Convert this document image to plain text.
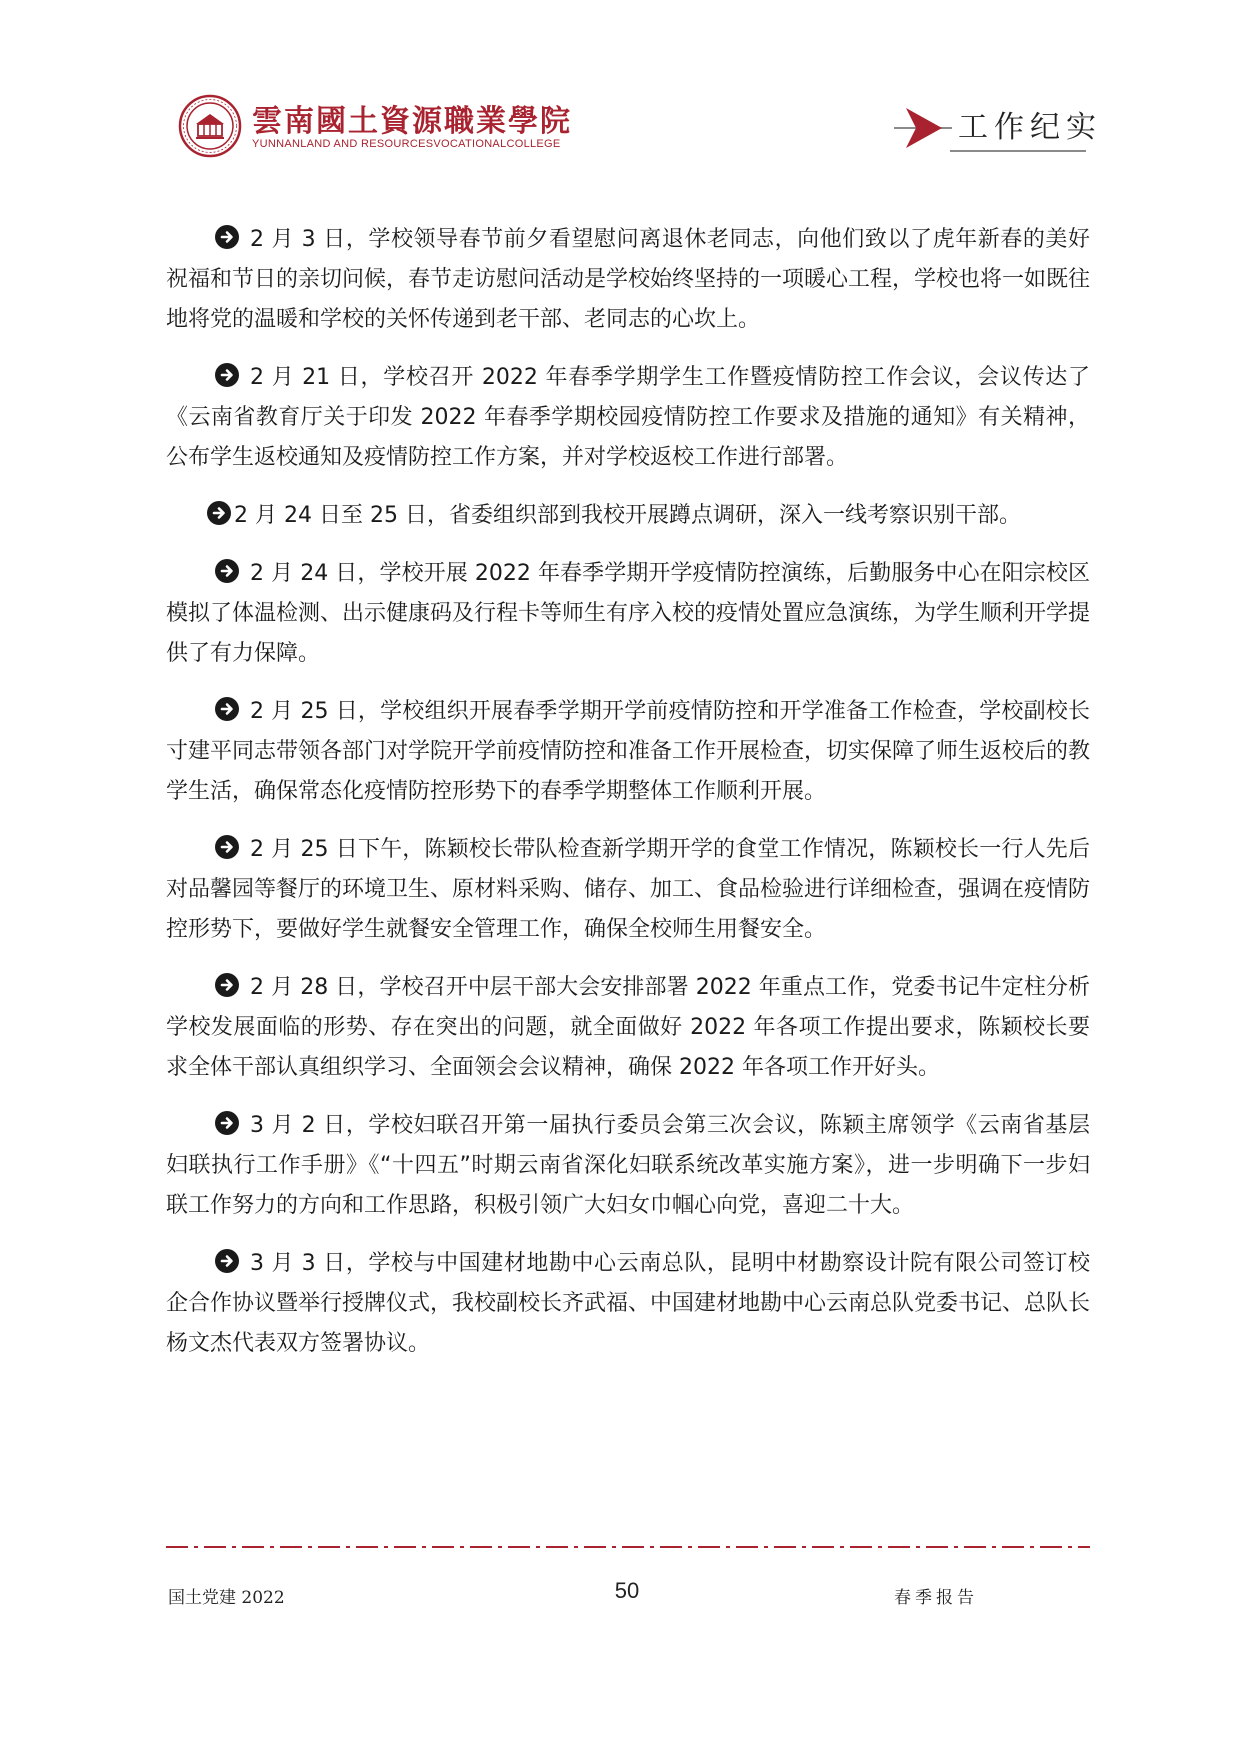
雲南國土資源職業學院
YUNNANLAND AND RESOURCESVOCATIONALCOLLEGE	工作纪实

2 月 3 日，学校领导春节前夕看望慰问离退休老同志，向他们致以了虎年新春的美好祝福和节日的亲切问候，春节走访慰问活动是学校始终坚持的一项暖心工程，学校也将一如既往地将党的温暖和学校的关怀传递到老干部、老同志的心坎上。

2 月 21 日，学校召开 2022 年春季学期学生工作暨疫情防控工作会议，会议传达了《云南省教育厅关于印发 2022 年春季学期校园疫情防控工作要求及措施的通知》有关精神，公布学生返校通知及疫情防控工作方案，并对学校返校工作进行部署。

2 月 24 日至 25 日，省委组织部到我校开展蹲点调研，深入一线考察识别干部。

2 月 24 日，学校开展 2022 年春季学期开学疫情防控演练，后勤服务中心在阳宗校区模拟了体温检测、出示健康码及行程卡等师生有序入校的疫情处置应急演练，为学生顺利开学提供了有力保障。

2 月 25 日，学校组织开展春季学期开学前疫情防控和开学准备工作检查，学校副校长寸建平同志带领各部门对学院开学前疫情防控和准备工作开展检查，切实保障了师生返校后的教学生活，确保常态化疫情防控形势下的春季学期整体工作顺利开展。

2 月 25 日下午，陈颖校长带队检查新学期开学的食堂工作情况，陈颖校长一行人先后对品馨园等餐厅的环境卫生、原材料采购、储存、加工、食品检验进行详细检查，强调在疫情防控形势下，要做好学生就餐安全管理工作，确保全校师生用餐安全。

2 月 28 日，学校召开中层干部大会安排部署 2022 年重点工作，党委书记牛定柱分析学校发展面临的形势、存在突出的问题，就全面做好 2022 年各项工作提出要求，陈颖校长要求全体干部认真组织学习、全面领会会议精神，确保 2022 年各项工作开好头。

3 月 2 日，学校妇联召开第一届执行委员会第三次会议，陈颖主席领学《云南省基层妇联执行工作手册》《“十四五”时期云南省深化妇联系统改革实施方案》，进一步明确下一步妇联工作努力的方向和工作思路，积极引领广大妇女巾帼心向党，喜迎二十大。

3 月 3 日，学校与中国建材地勘中心云南总队，昆明中材勘察设计院有限公司签订校企合作协议暨举行授牌仪式，我校副校长齐武福、中国建材地勘中心云南总队党委书记、总队长杨文杰代表双方签署协议。

国土党建 2022	50	春季报告
